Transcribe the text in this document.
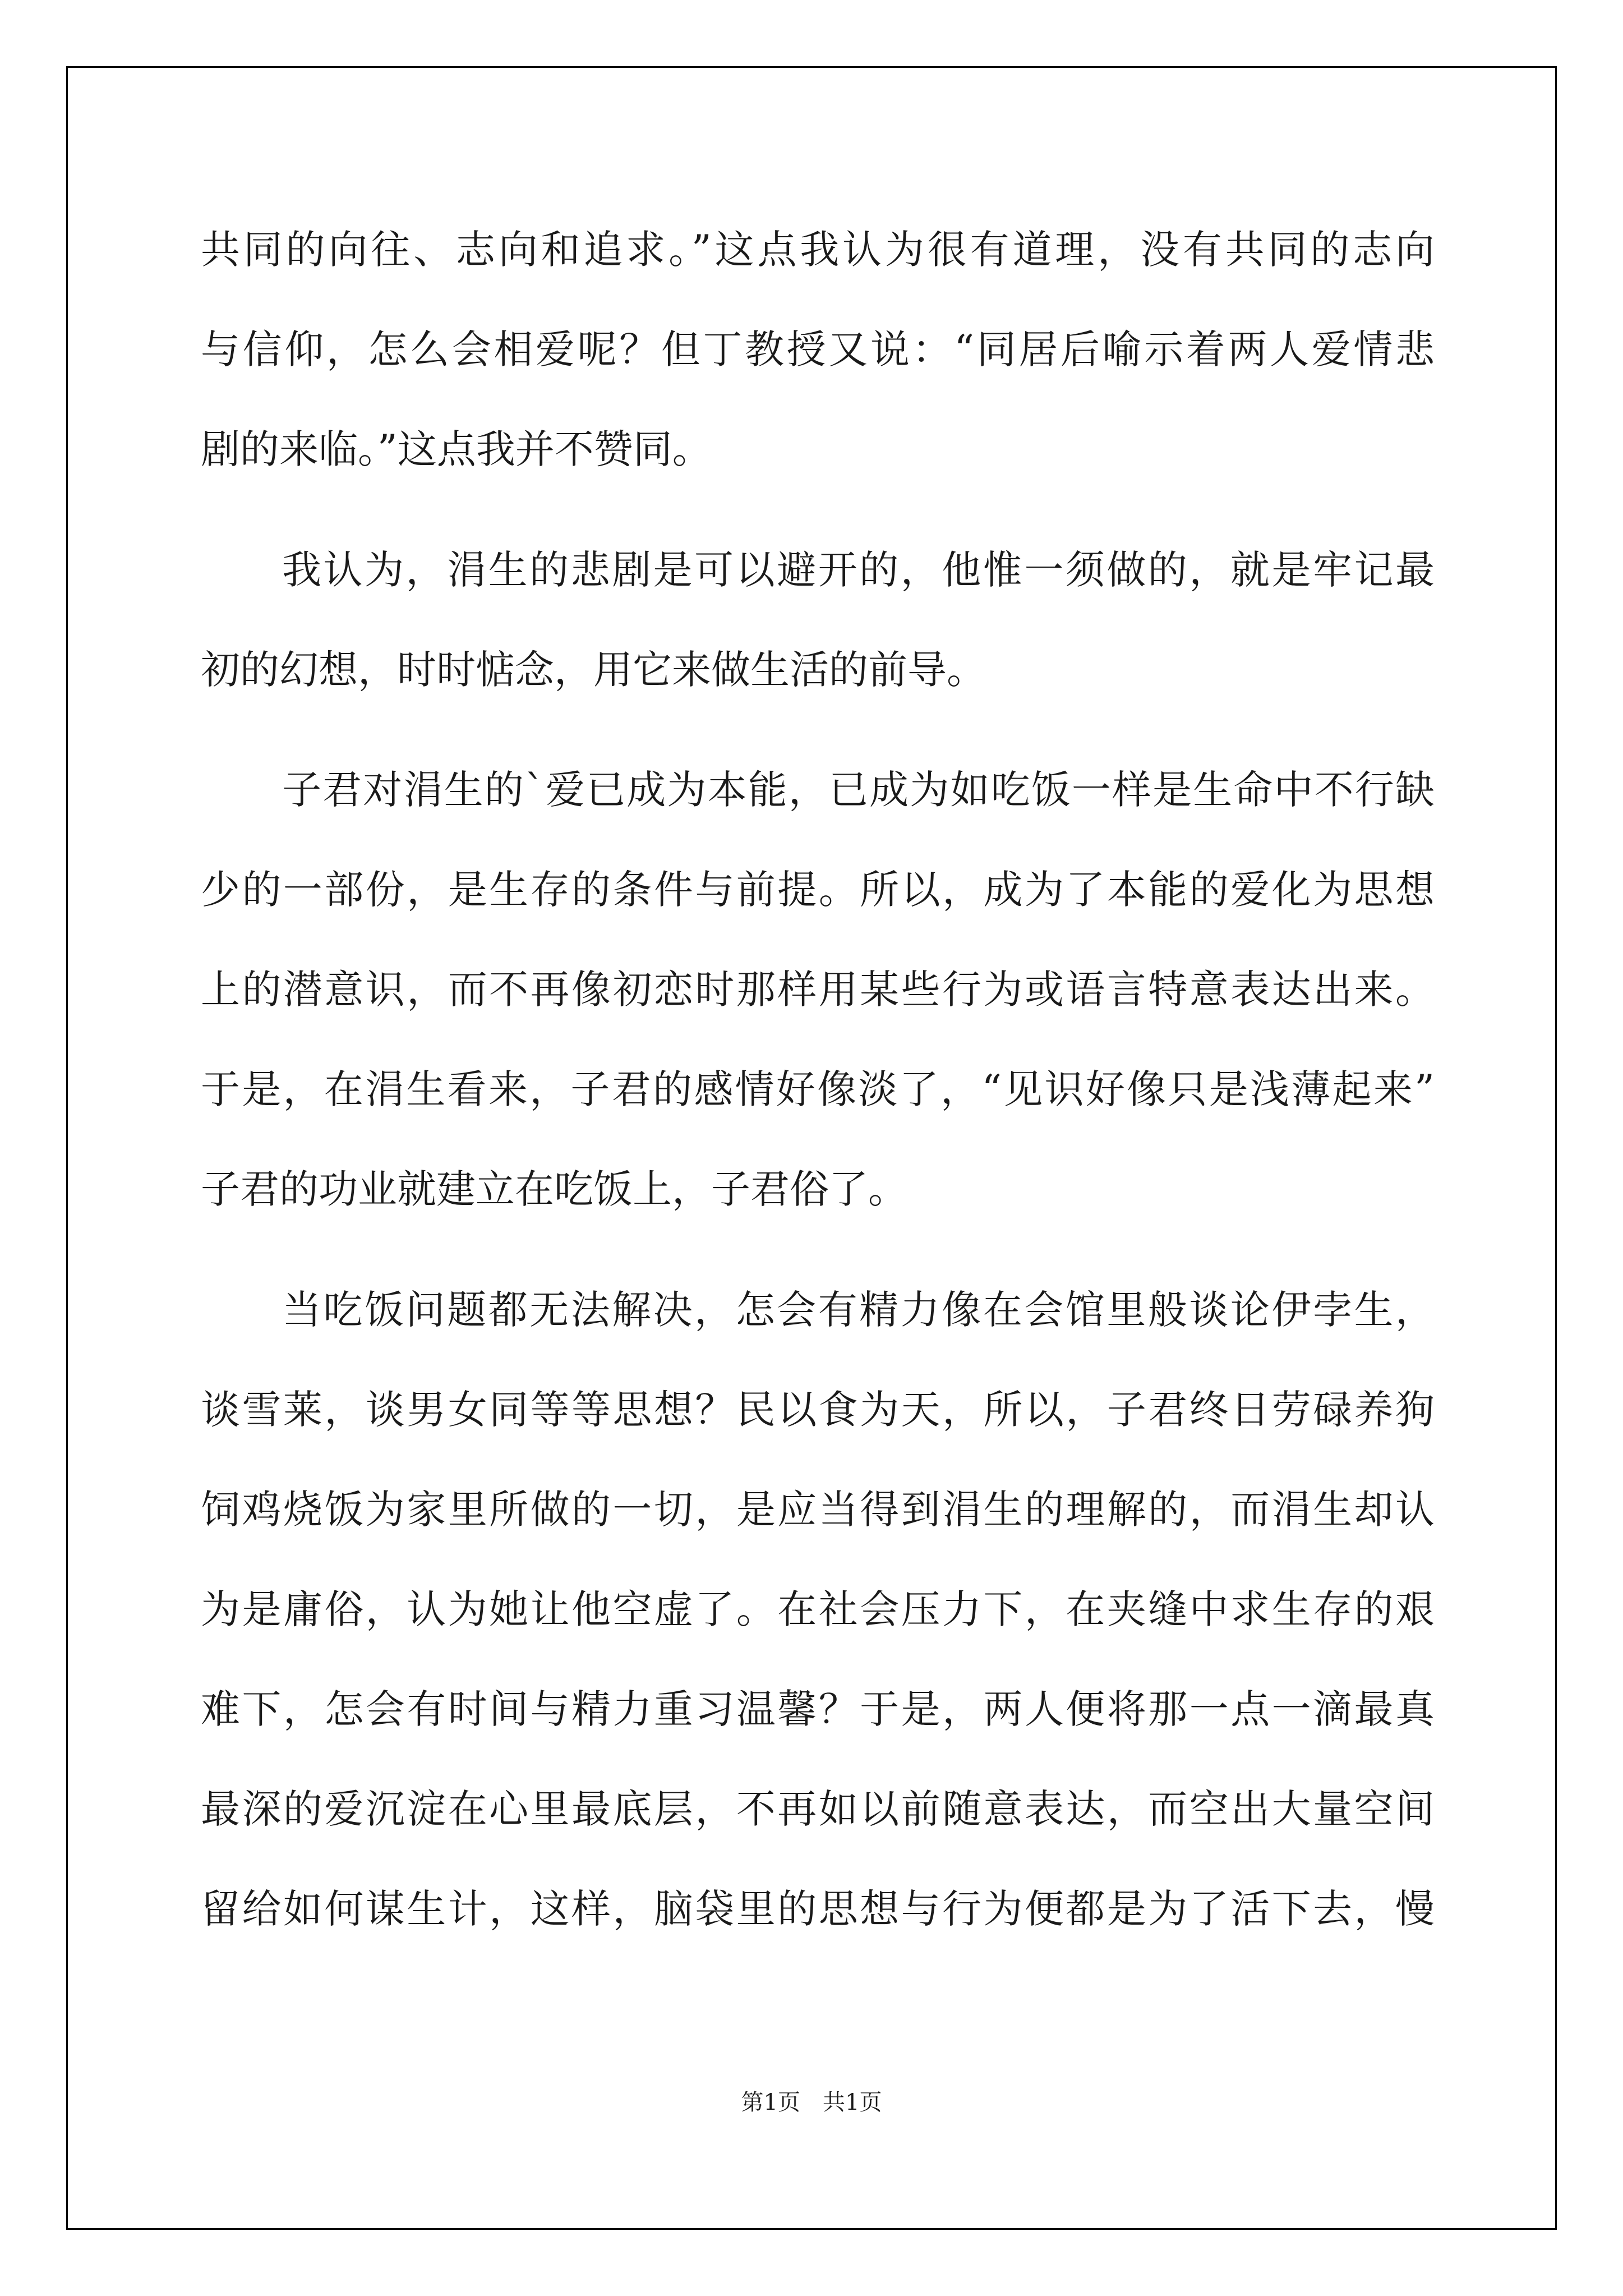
共同的向往、志向和追求。”这点我认为很有道理，没有共同的志向
与信仰，怎么会相爱呢？但丁教授又说：“同居后喻示着两人爱情悲
剧的来临。”这点我并不赞同。
我认为，涓生的悲剧是可以避开的，他惟一须做的，就是牢记最
初的幻想，时时惦念，用它来做生活的前导。
子君对涓生的`爱已成为本能，已成为如吃饭一样是生命中不行缺
少的一部份，是生存的条件与前提。所以，成为了本能的爱化为思想
上的潜意识，而不再像初恋时那样用某些行为或语言特意表达出来。
于是，在涓生看来，子君的感情好像淡了，“见识好像只是浅薄起来”
子君的功业就建立在吃饭上，子君俗了。
当吃饭问题都无法解决，怎会有精力像在会馆里般谈论伊孛生，
谈雪莱，谈男女同等等思想？民以食为天，所以，子君终日劳碌养狗
饲鸡烧饭为家里所做的一切，是应当得到涓生的理解的，而涓生却认
为是庸俗，认为她让他空虚了。在社会压力下，在夹缝中求生存的艰
难下，怎会有时间与精力重习温馨？于是，两人便将那一点一滴最真
最深的爱沉淀在心里最底层，不再如以前随意表达，而空出大量空间
留给如何谋生计，这样，脑袋里的思想与行为便都是为了活下去，慢
第1页　共1页
